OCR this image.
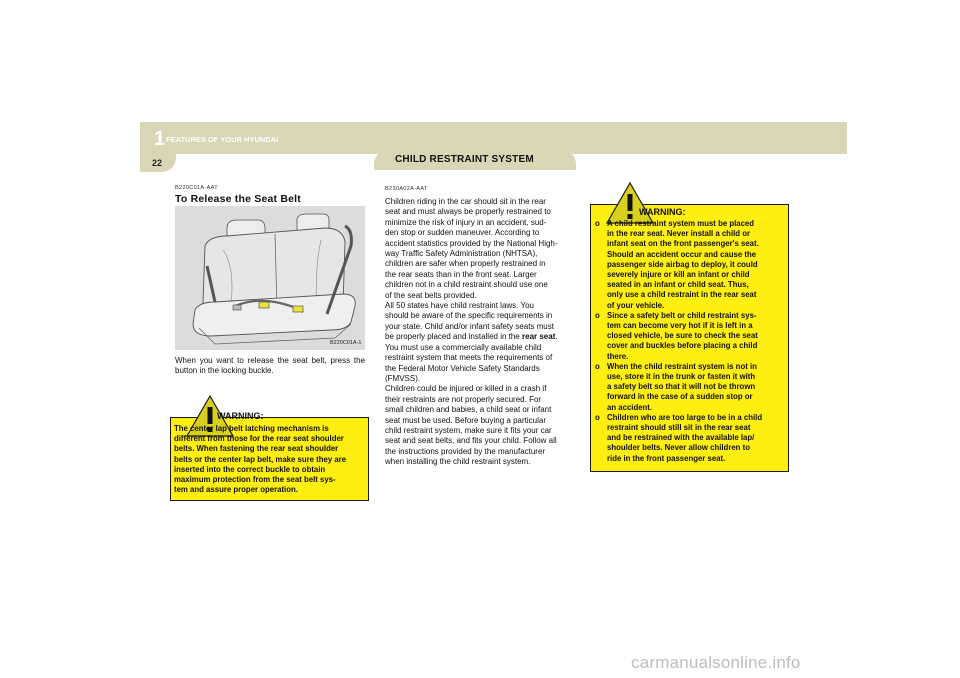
1 FEATURES OF YOUR HYUNDAI
22	CHILD RESTRAINT SYSTEM
B220C01A-AAT
To Release the Seat Belt
B220C01A-1
When you want to release the seat belt, press the button in the locking buckle.
WARNING:
The center lap belt latching mechanism is
different from those for the rear seat shoulder
belts. When fastening the rear seat shoulder
belts or the center lap belt, make sure they are
inserted into the correct buckle to obtain
maximum protection from the seat belt sys-
tem and assure proper operation.
B230A02A-AAT
Children riding in the car should sit in the rear
seat and must always be properly restrained to
minimize the risk of injury in an accident, sud-
den stop or sudden maneuver. According to
accident statistics provided by the National High-
way Traffic Safety Administration (NHTSA),
children are safer when properly restrained in
the rear seats than in the front seat. Larger
children not in a child restraint should use one
of the seat belts provided.
All 50 states have child restraint laws. You
should be aware of the specific requirements in
your state. Child and/or infant safety seats must
be properly placed and installed in the rear seat.
You must use a commercially available child
restraint system that meets the requirements of
the Federal Motor Vehicle Safety Standards
(FMVSS).
Children could be injured or killed in a crash if
their restraints are not properly secured. For
small children and babies, a child seat or infant
seat must be used. Before buying a particular
child restraint system, make sure it fits your car
seat and seat belts, and fits your child. Follow all
the instructions provided by the manufacturer
when installing the child restraint system.
WARNING:
o A child restraint system must be placed
in the rear seat. Never install a child or
infant seat on the front passenger's seat.
Should an accident occur and cause the
passenger side airbag to deploy, it could
severely injure or kill an infant or child
seated in an infant or child seat. Thus,
only use a child restraint in the rear seat
of your vehicle.
o Since a safety belt or child restraint sys-
tem can become very hot if it is left in a
closed vehicle, be sure to check the seat
cover and buckles before placing a child
there.
o When the child restraint system is not in
use, store it in the trunk or fasten it with
a safety belt so that it will not be thrown
forward in the case of a sudden stop or
an accident.
o Children who are too large to be in a child
restraint should still sit in the rear seat
and be restrained with the available lap/
shoulder belts. Never allow children to
ride in the front passenger seat.
carmanualsonline.info
